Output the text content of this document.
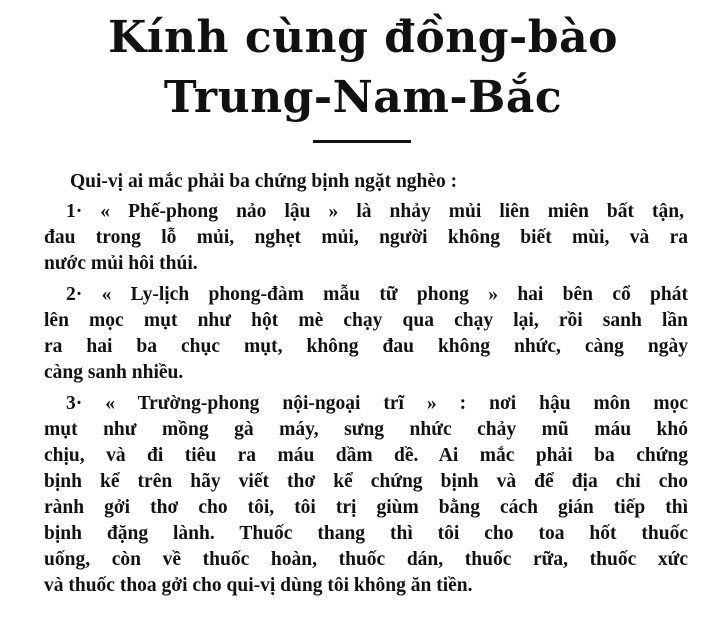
Kính cùng đồng-bào
Trung-Nam-Bắc
Qui-vị ai mắc phải ba chứng bịnh ngặt nghèo :
1· « Phế-phong nảo lậu » là nhảy mủi liên miên bất tận,
đau trong lỗ mủi, nghẹt mủi, người không biết mùi, và ra
nước mủi hôi thúi.
2· « Ly-lịch phong-đàm mẫu tữ phong » hai bên cổ phát
lên mọc mụt như hột mè chạy qua chạy lại, rồi sanh lần
ra hai ba chục mụt, không đau không nhức, càng ngày
càng sanh nhiều.
3· « Trường-phong nội-ngoại trĩ » : nơi hậu môn mọc
mụt như mồng gà máy, sưng nhức chảy mũ máu khó
chịu, và đi tiêu ra máu dầm dề. Ai mắc phải ba chứng
bịnh kể trên hãy viết thơ kể chứng bịnh và để địa chỉ cho
rành gởi thơ cho tôi, tôi trị giùm bằng cách gián tiếp thì
bịnh đặng lành. Thuốc thang thì tôi cho toa hốt thuốc
uống, còn về thuốc hoàn, thuốc dán, thuốc rữa, thuốc xức
và thuốc thoa gởi cho qui-vị dùng tôi không ăn tiền.
